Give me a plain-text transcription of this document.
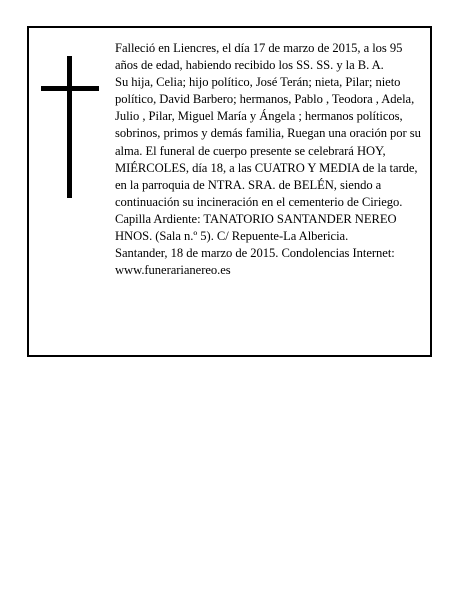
Falleció en Liencres, el día 17 de marzo de 2015, a los 95 años de edad, habiendo recibido los SS. SS. y la B. A.

Su hija, Celia; hijo político, José Terán; nieta, Pilar; nieto político, David Barbero; hermanos, Pablo , Teodora , Adela, Julio , Pilar, Miguel María y Ángela ; hermanos políticos, sobrinos, primos y demás familia, Ruegan una oración por su alma. El funeral de cuerpo presente se celebrará HOY, MIÉRCOLES, día 18, a las CUATRO Y MEDIA de la tarde, en la parroquia de NTRA. SRA. de BELÉN, siendo a continuación su incineración en el cementerio de Ciriego. Capilla Ardiente: TANATORIO SANTANDER NEREO HNOS. (Sala n.º 5). C/ Repuente-La Albericia.

Santander, 18 de marzo de 2015. Condolencias Internet: www.funerarianereo.es
